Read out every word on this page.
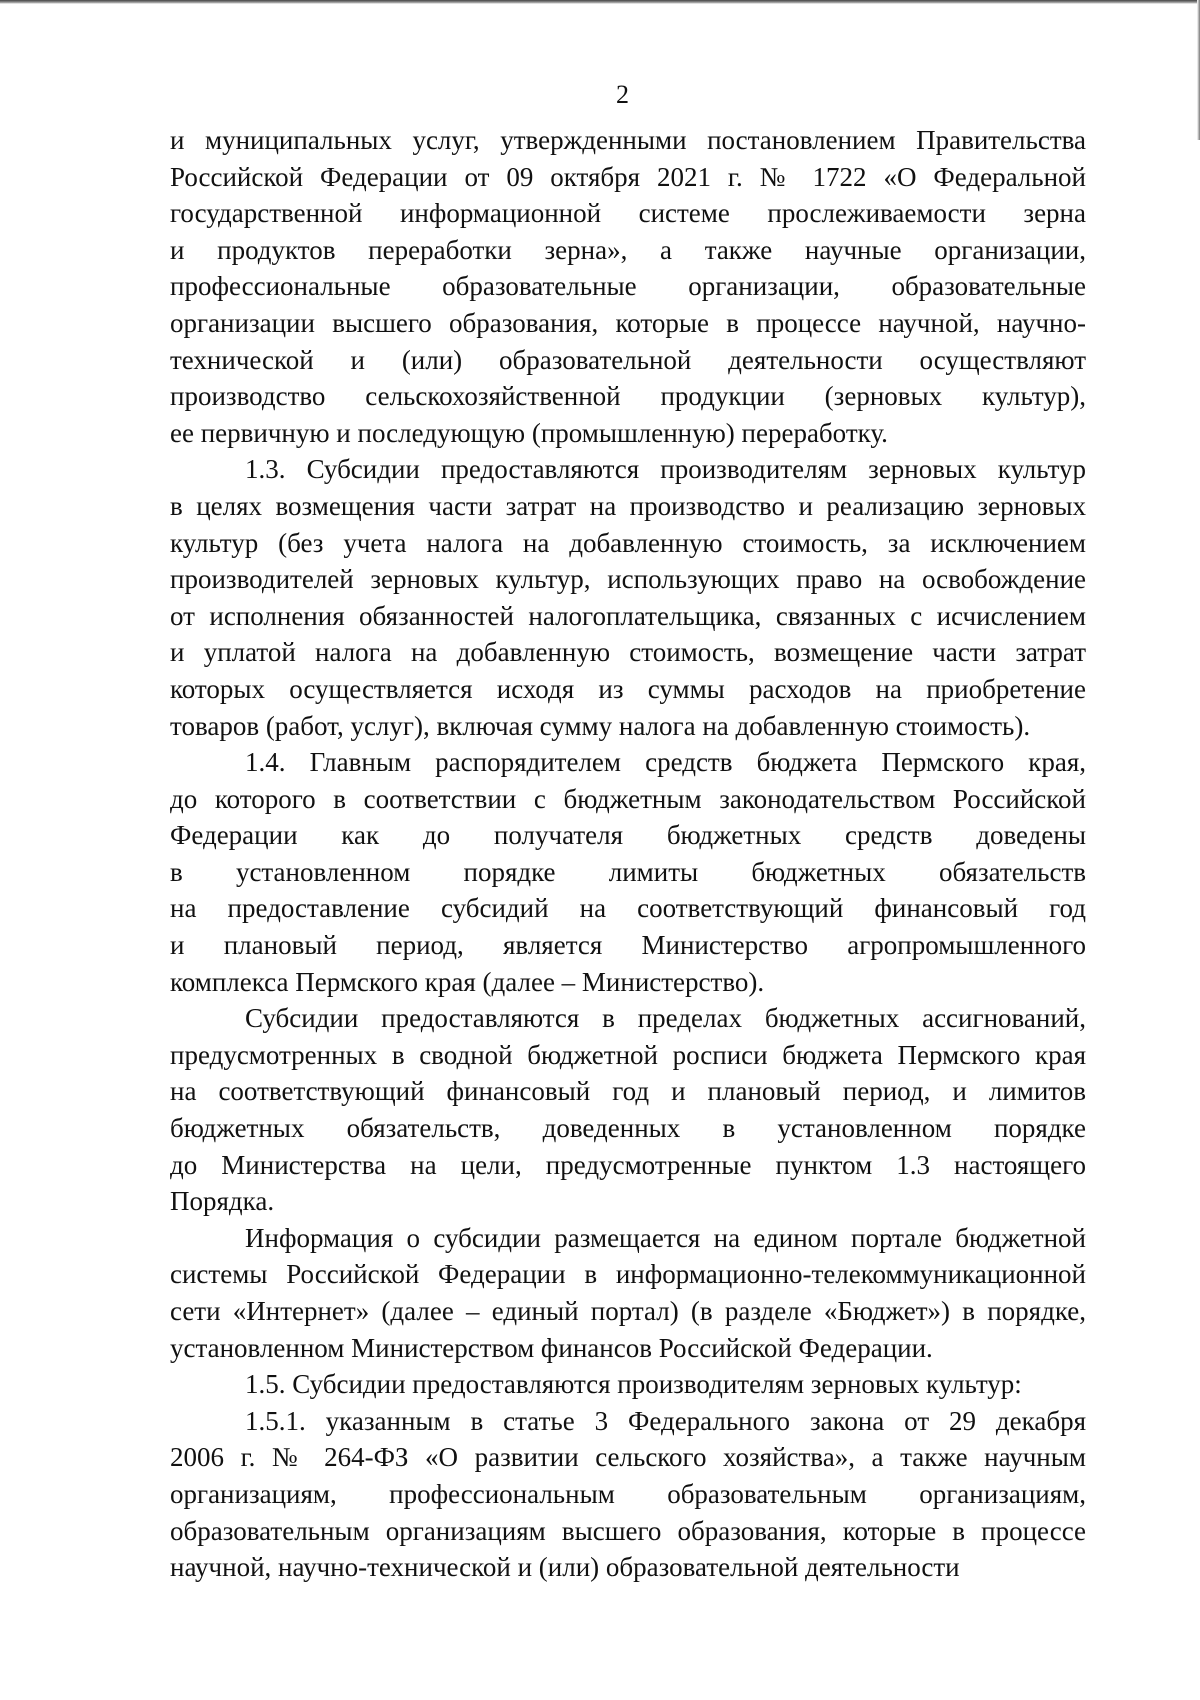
2
и муниципальных услуг, утвержденными постановлением Правительства
Российской Федерации от 09 октября 2021 г. № 1722 «О Федеральной
государственной информационной системе прослеживаемости зерна
и продуктов переработки зерна», а также научные организации,
профессиональные образовательные организации, образовательные
организации высшего образования, которые в процессе научной, научно-
технической и (или) образовательной деятельности осуществляют
производство сельскохозяйственной продукции (зерновых культур),
ее первичную и последующую (промышленную) переработку.
1.3. Субсидии предоставляются производителям зерновых культур
в целях возмещения части затрат на производство и реализацию зерновых
культур (без учета налога на добавленную стоимость, за исключением
производителей зерновых культур, использующих право на освобождение
от исполнения обязанностей налогоплательщика, связанных с исчислением
и уплатой налога на добавленную стоимость, возмещение части затрат
которых осуществляется исходя из суммы расходов на приобретение
товаров (работ, услуг), включая сумму налога на добавленную стоимость).
1.4. Главным распорядителем средств бюджета Пермского края,
до которого в соответствии с бюджетным законодательством Российской
Федерации как до получателя бюджетных средств доведены
в установленном порядке лимиты бюджетных обязательств
на предоставление субсидий на соответствующий финансовый год
и плановый период, является Министерство агропромышленного
комплекса Пермского края (далее – Министерство).
Субсидии предоставляются в пределах бюджетных ассигнований,
предусмотренных в сводной бюджетной росписи бюджета Пермского края
на соответствующий финансовый год и плановый период, и лимитов
бюджетных обязательств, доведенных в установленном порядке
до Министерства на цели, предусмотренные пунктом 1.3 настоящего
Порядка.
Информация о субсидии размещается на едином портале бюджетной
системы Российской Федерации в информационно-телекоммуникационной
сети «Интернет» (далее – единый портал) (в разделе «Бюджет») в порядке,
установленном Министерством финансов Российской Федерации.
1.5. Субсидии предоставляются производителям зерновых культур:
1.5.1. указанным в статье 3 Федерального закона от 29 декабря
2006 г. № 264-ФЗ «О развитии сельского хозяйства», а также научным
организациям, профессиональным образовательным организациям,
образовательным организациям высшего образования, которые в процессе
научной, научно-технической и (или) образовательной деятельности
